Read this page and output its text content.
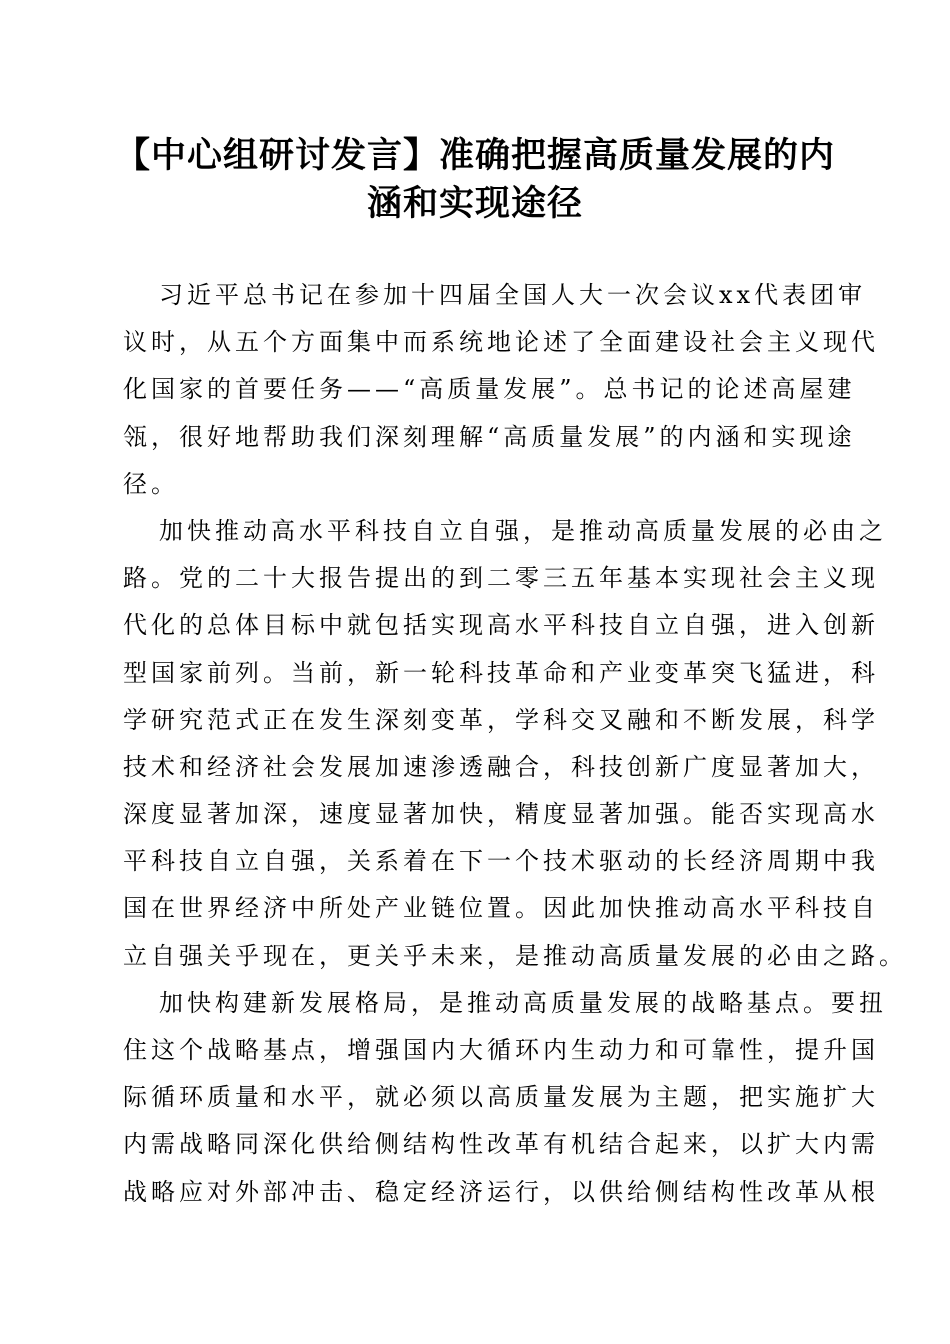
【中心组研讨发言】准确把握高质量发展的内
涵和实现途径
习近平总书记在参加十四届全国人大一次会议xx代表团审
议时，从五个方面集中而系统地论述了全面建设社会主义现代
化国家的首要任务——“高质量发展”。总书记的论述高屋建
瓴，很好地帮助我们深刻理解“高质量发展”的内涵和实现途
径。
加快推动高水平科技自立自强，是推动高质量发展的必由之
路。党的二十大报告提出的到二零三五年基本实现社会主义现
代化的总体目标中就包括实现高水平科技自立自强，进入创新
型国家前列。当前，新一轮科技革命和产业变革突飞猛进，科
学研究范式正在发生深刻变革，学科交叉融和不断发展，科学
技术和经济社会发展加速渗透融合，科技创新广度显著加大，
深度显著加深，速度显著加快，精度显著加强。能否实现高水
平科技自立自强，关系着在下一个技术驱动的长经济周期中我
国在世界经济中所处产业链位置。因此加快推动高水平科技自
立自强关乎现在，更关乎未来，是推动高质量发展的必由之路。
加快构建新发展格局，是推动高质量发展的战略基点。要扭
住这个战略基点，增强国内大循环内生动力和可靠性，提升国
际循环质量和水平，就必须以高质量发展为主题，把实施扩大
内需战略同深化供给侧结构性改革有机结合起来，以扩大内需
战略应对外部冲击、稳定经济运行，以供给侧结构性改革从根
